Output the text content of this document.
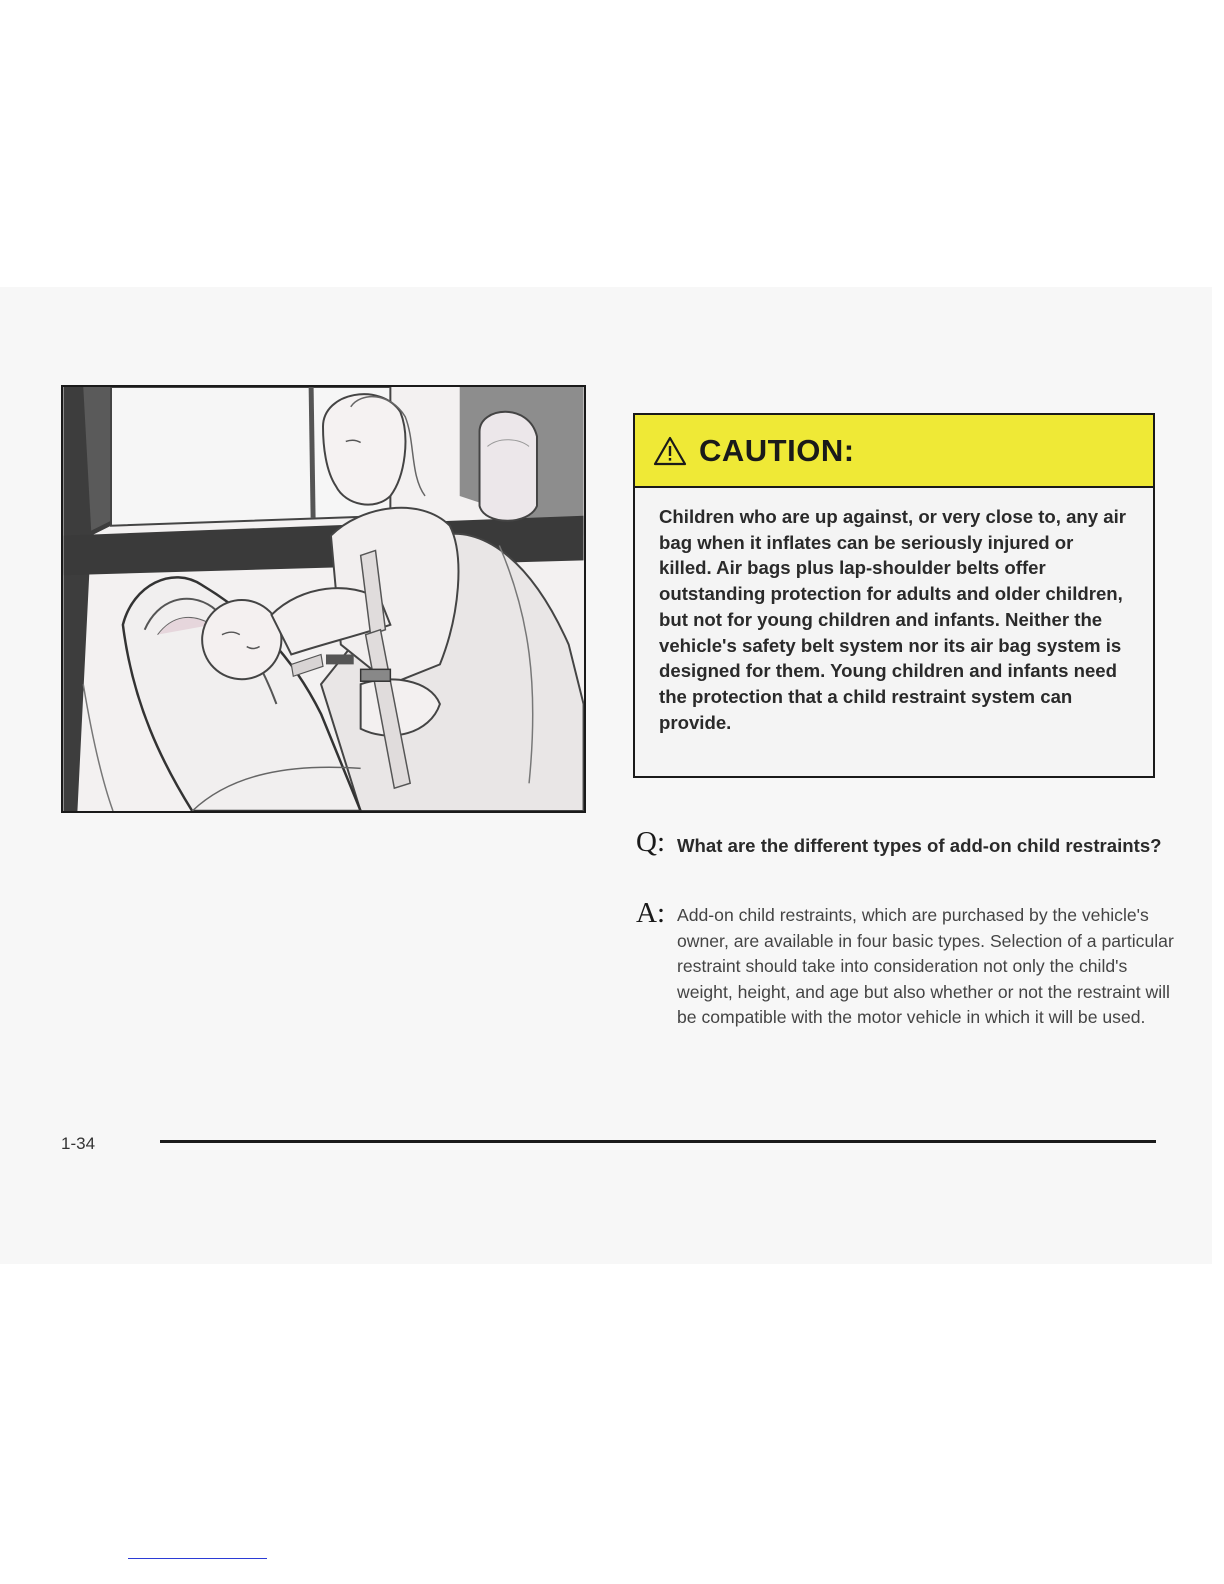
CAUTION:

Children who are up against, or very close to, any air bag when it inflates can be seriously injured or killed. Air bags plus lap-shoulder belts offer outstanding protection for adults and older children, but not for young children and infants. Neither the vehicle's safety belt system nor its air bag system is designed for them. Young children and infants need the protection that a child restraint system can provide.

Q: What are the different types of add-on child restraints?
A: Add-on child restraints, which are purchased by the vehicle's owner, are available in four basic types. Selection of a particular restraint should take into consideration not only the child's weight, height, and age but also whether or not the restraint will be compatible with the motor vehicle in which it will be used.
1-34
